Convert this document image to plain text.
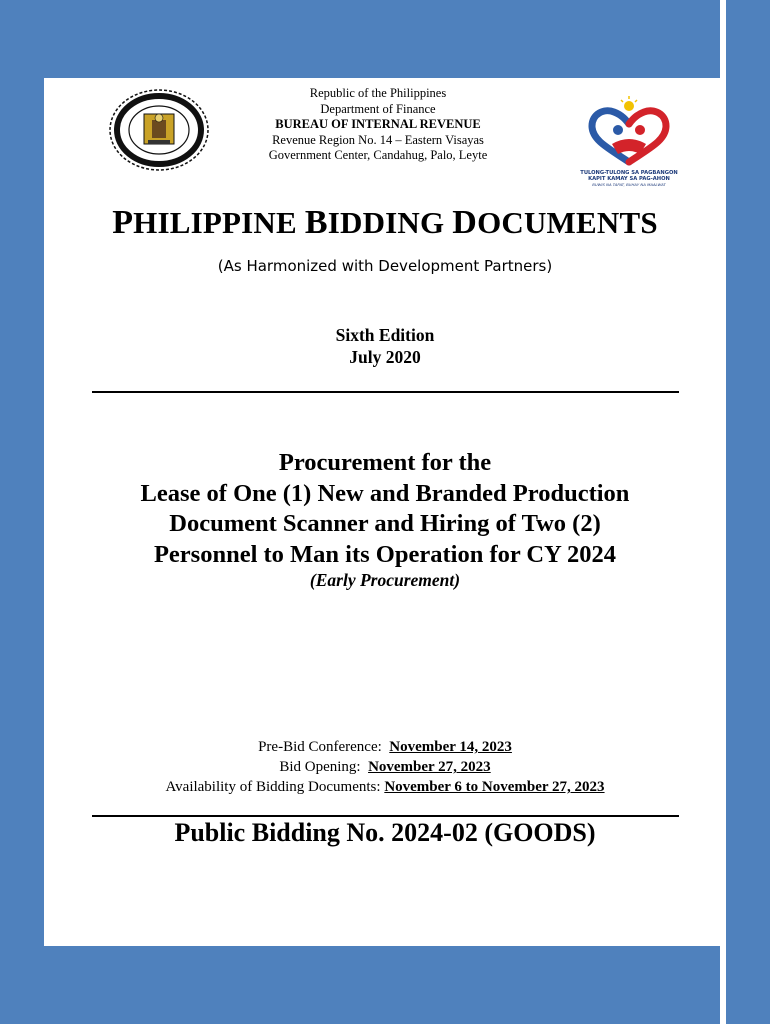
Republic of the Philippines
Department of Finance
BUREAU OF INTERNAL REVENUE
Revenue Region No. 14 – Eastern Visayas
Government Center, Candahug, Palo, Leyte
TULONG-TULONG SA PAGBANGON
KAPIT KAMAY SA PAG-AHON
BUWIS NA TAPAT, BUHAY NA MAALWAT
PHILIPPINE BIDDING DOCUMENTS
(As Harmonized with Development Partners)
Sixth Edition
July 2020
Procurement for the
Lease of One (1) New and Branded Production
Document Scanner and Hiring of Two (2)
Personnel to Man its Operation for CY 2024
(Early Procurement)
Pre-Bid Conference: November 14, 2023
Bid Opening: November 27, 2023
Availability of Bidding Documents: November 6 to November 27, 2023
Public Bidding No. 2024-02 (GOODS)
